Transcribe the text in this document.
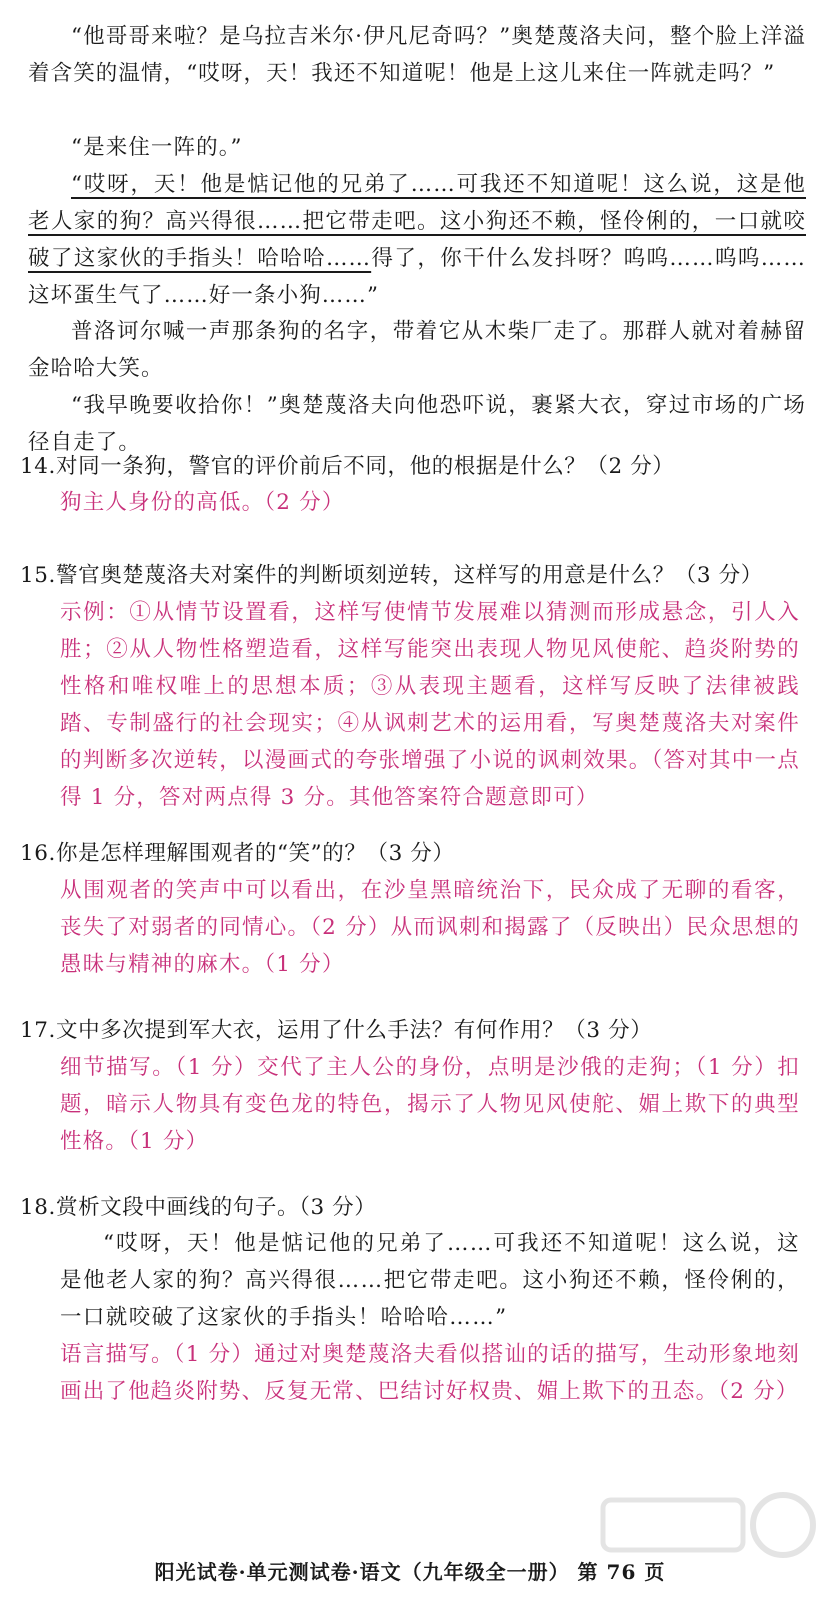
“他哥哥来啦？是乌拉吉米尔·伊凡尼奇吗？”奥楚蔑洛夫问，整个脸上洋溢着含笑的温情，“哎呀，天！我还不知道呢！他是上这儿来住一阵就走吗？”

“是来住一阵的。”

“哎呀，天！他是惦记他的兄弟了……可我还不知道呢！这么说，这是他老人家的狗？高兴得很……把它带走吧。这小狗还不赖，怪伶俐的，一口就咬破了这家伙的手指头！哈哈哈……得了，你干什么发抖呀？呜呜……呜呜……这坏蛋生气了……好一条小狗……”

普洛诃尔喊一声那条狗的名字，带着它从木柴厂走了。那群人就对着赫留金哈哈大笑。

“我早晚要收拾你！”奥楚蔑洛夫向他恐吓说，裹紧大衣，穿过市场的广场径自走了。

14.对同一条狗，警官的评价前后不同，他的根据是什么？（2 分）

狗主人身份的高低。（2 分）

15.警官奥楚蔑洛夫对案件的判断顷刻逆转，这样写的用意是什么？（3 分）

示例：①从情节设置看，这样写使情节发展难以猜测而形成悬念，引人入胜；②从人物性格塑造看，这样写能突出表现人物见风使舵、趋炎附势的性格和唯权唯上的思想本质；③从表现主题看，这样写反映了法律被践踏、专制盛行的社会现实；④从讽刺艺术的运用看，写奥楚蔑洛夫对案件的判断多次逆转，以漫画式的夸张增强了小说的讽刺效果。（答对其中一点得 1 分，答对两点得 3 分。其他答案符合题意即可）

16.你是怎样理解围观者的“笑”的？（3 分）

从围观者的笑声中可以看出，在沙皇黑暗统治下，民众成了无聊的看客，丧失了对弱者的同情心。（2 分）从而讽刺和揭露了（反映出）民众思想的愚昧与精神的麻木。（1 分）

17.文中多次提到军大衣，运用了什么手法？有何作用？（3 分）

细节描写。（1 分）交代了主人公的身份，点明是沙俄的走狗；（1 分）扣题，暗示人物具有变色龙的特色，揭示了人物见风使舵、媚上欺下的典型性格。（1 分）

18.赏析文段中画线的句子。（3 分）

“哎呀，天！他是惦记他的兄弟了……可我还不知道呢！这么说，这是他老人家的狗？高兴得很……把它带走吧。这小狗还不赖，怪伶俐的，一口就咬破了这家伙的手指头！哈哈哈……”

语言描写。（1 分）通过对奥楚蔑洛夫看似搭讪的话的描写，生动形象地刻画出了他趋炎附势、反复无常、巴结讨好权贵、媚上欺下的丑态。（2 分）

阳光试卷·单元测试卷·语文（九年级全一册） 第 76 页
